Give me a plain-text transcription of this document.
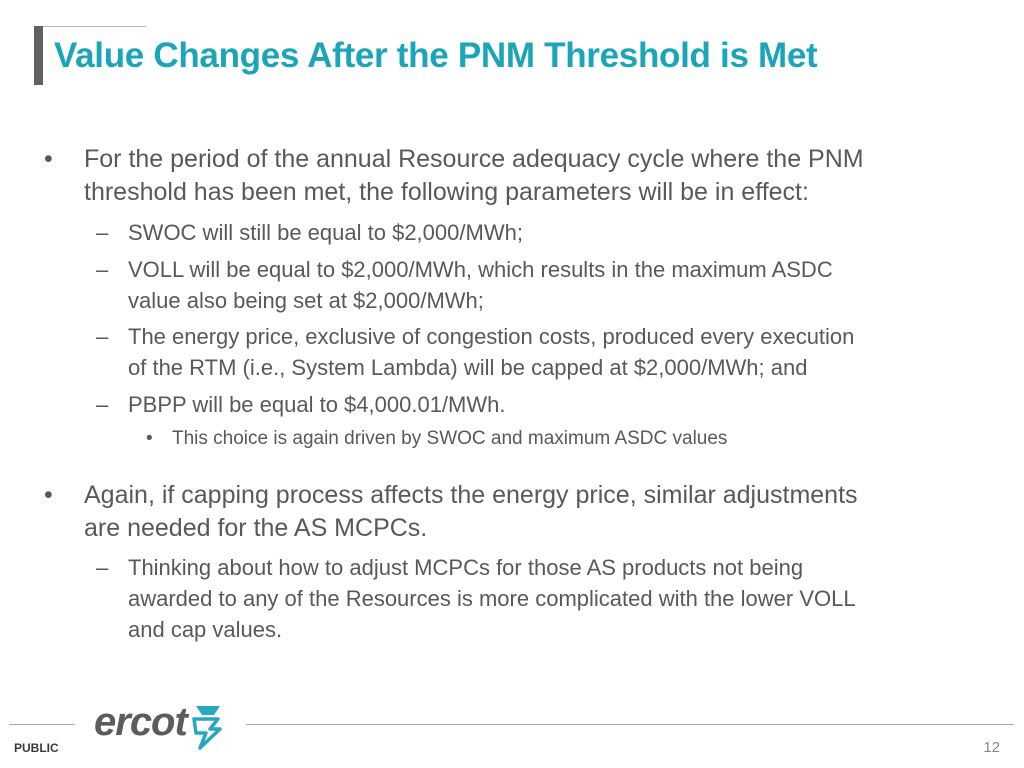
Value Changes After the PNM Threshold is Met
• For the period of the annual Resource adequacy cycle where the PNM
threshold has been met, the following parameters will be in effect:
– SWOC will still be equal to $2,000/MWh;
– VOLL will be equal to $2,000/MWh, which results in the maximum ASDC
value also being set at $2,000/MWh;
– The energy price, exclusive of congestion costs, produced every execution
of the RTM (i.e., System Lambda) will be capped at $2,000/MWh; and
– PBPP will be equal to $4,000.01/MWh.
• This choice is again driven by SWOC and maximum ASDC values
• Again, if capping process affects the energy price, similar adjustments
are needed for the AS MCPCs.
– Thinking about how to adjust MCPCs for those AS products not being
awarded to any of the Resources is more complicated with the lower VOLL
and cap values.
ercot
PUBLIC	12
